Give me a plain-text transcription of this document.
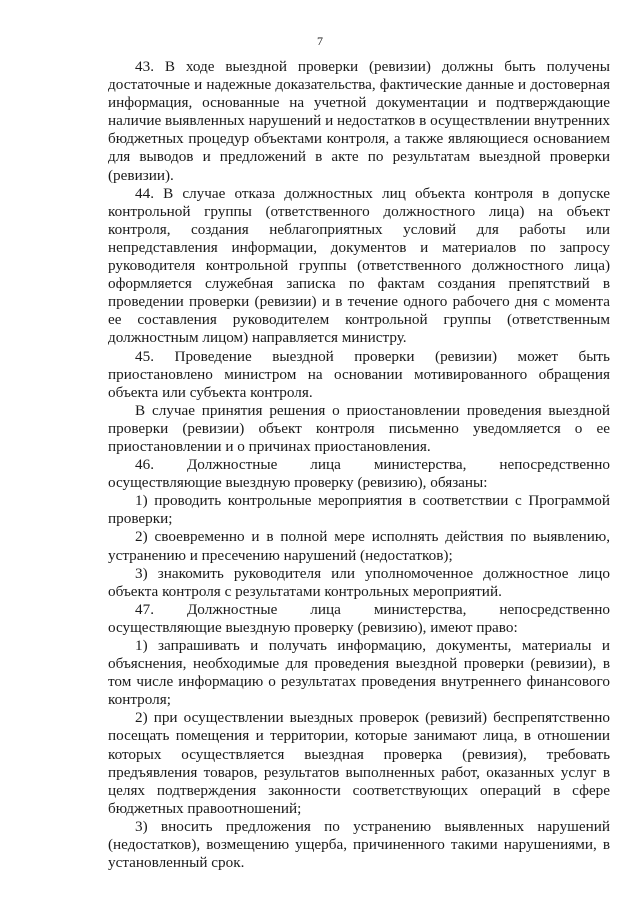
7

43. В ходе выездной проверки (ревизии) должны быть получены достаточные и надежные доказательства, фактические данные и достоверная информация, основанные на учетной документации и подтверждающие наличие выявленных нарушений и недостатков в осуществлении внутренних бюджетных процедур объектами контроля, а также являющиеся основанием для выводов и предложений в акте по результатам выездной проверки (ревизии).

44. В случае отказа должностных лиц объекта контроля в допуске контрольной группы (ответственного должностного лица) на объект контроля, создания неблагоприятных условий для работы или непредставления информации, документов и материалов по запросу руководителя контрольной группы (ответственного должностного лица) оформляется служебная записка по фактам создания препятствий в проведении проверки (ревизии) и в течение одного рабочего дня с момента ее составления руководителем контрольной группы (ответственным должностным лицом) направляется министру.

45. Проведение выездной проверки (ревизии) может быть приостановлено министром на основании мотивированного обращения объекта или субъекта контроля.

В случае принятия решения о приостановлении проведения выездной проверки (ревизии) объект контроля письменно уведомляется о ее приостановлении и о причинах приостановления.

46. Должностные лица министерства, непосредственно осуществляющие выездную проверку (ревизию), обязаны:

1) проводить контрольные мероприятия в соответствии с Программой проверки;

2) своевременно и в полной мере исполнять действия по выявлению, устранению и пресечению нарушений (недостатков);

3) знакомить руководителя или уполномоченное должностное лицо объекта контроля с результатами контрольных мероприятий.

47. Должностные лица министерства, непосредственно осуществляющие выездную проверку (ревизию), имеют право:

1) запрашивать и получать информацию, документы, материалы и объяснения, необходимые для проведения выездной проверки (ревизии), в том числе информацию о результатах проведения внутреннего финансового контроля;

2) при осуществлении выездных проверок (ревизий) беспрепятственно посещать помещения и территории, которые занимают лица, в отношении которых осуществляется выездная проверка (ревизия), требовать предъявления товаров, результатов выполненных работ, оказанных услуг в целях подтверждения законности соответствующих операций в сфере бюджетных правоотношений;

3) вносить предложения по устранению выявленных нарушений (недостатков), возмещению ущерба, причиненного такими нарушениями, в установленный срок.
